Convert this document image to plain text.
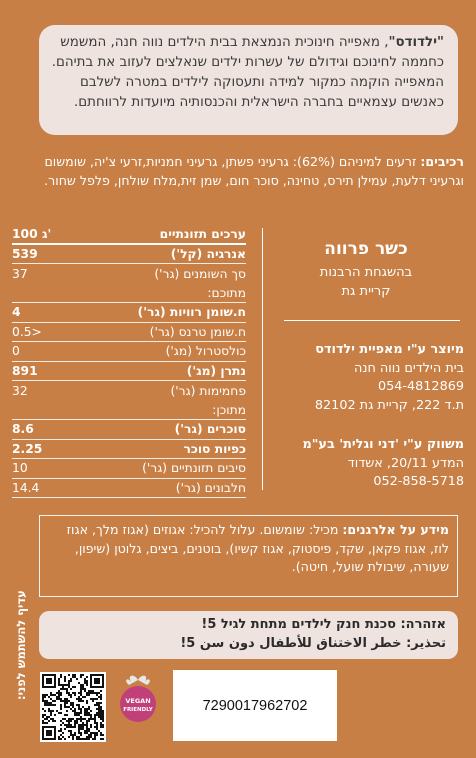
"ילדודס", מאפייה חינוכית הנמצאת בבית הילדים נווה חנה, המשמש כחממה לחינוכם וגידולם של עשרות ילדים שנאלצים לעזוב את בתיהם. המאפייה הוקמה כמקור למידה ותעסוקה לילדים במטרה לשלבם כאנשים עצמאיים בחברה הישראלית והכנסותיה מיועדות לרווחתם.
רכיבים: זרעים למיניהם (62%): גרעיני פשתן, גרעיני חמניות,זרעי צ'יה, שומשום וגרעיני דלעת, עמילן תירס, טחינה, סוכר חום, שמן זית,מלח שולחן, פלפל שחור.
ערכים תזונתיים
100 ג'
אנרגיה (קל')
539
סך השומנים (גר')
37
מתוכם:
ח.שומן רוויות (גר')
4
ח.שומן טרנס (גר')
0.5>
כולסטרול (מג')
0
נתרן (מג')
891
פחמימות (גר')
32
מתוכן:
סוכרים (גר')
8.6
כפיות סוכר
2.25
סיבים תזונתיים (גר')
10
חלבונים (גר')
14.4
כשר פרווה
בהשגחת הרבנות
קריית גת
מיוצר ע"י מאפיית ילדודס
בית הילדים נווה חנה
054-4812869
ת.ד 222, קריית גת 82102
משווק ע"י 'דני וגלית' בע"מ
המדע 20/11, אשדוד
052-858-5718
מידע על אלרגנים: מכיל: שומשום. עלול להכיל: אגוזים (אגוז מלך, אגוז לוז, אגוז פקאן, שקד, פיסטוק, אגוז קשיו), בוטנים, ביצים, גלוטן (שיפון, שעורה, שיבולת שועל, חיטה).
אזהרה: סכנת חנק לילדים מתחת לגיל 5!
تحذير: خطر الاختناق للأطفال دون سن 5!
עדיף להשתמש לפני:
VEGAN
FRIENDLY	7290017962702
